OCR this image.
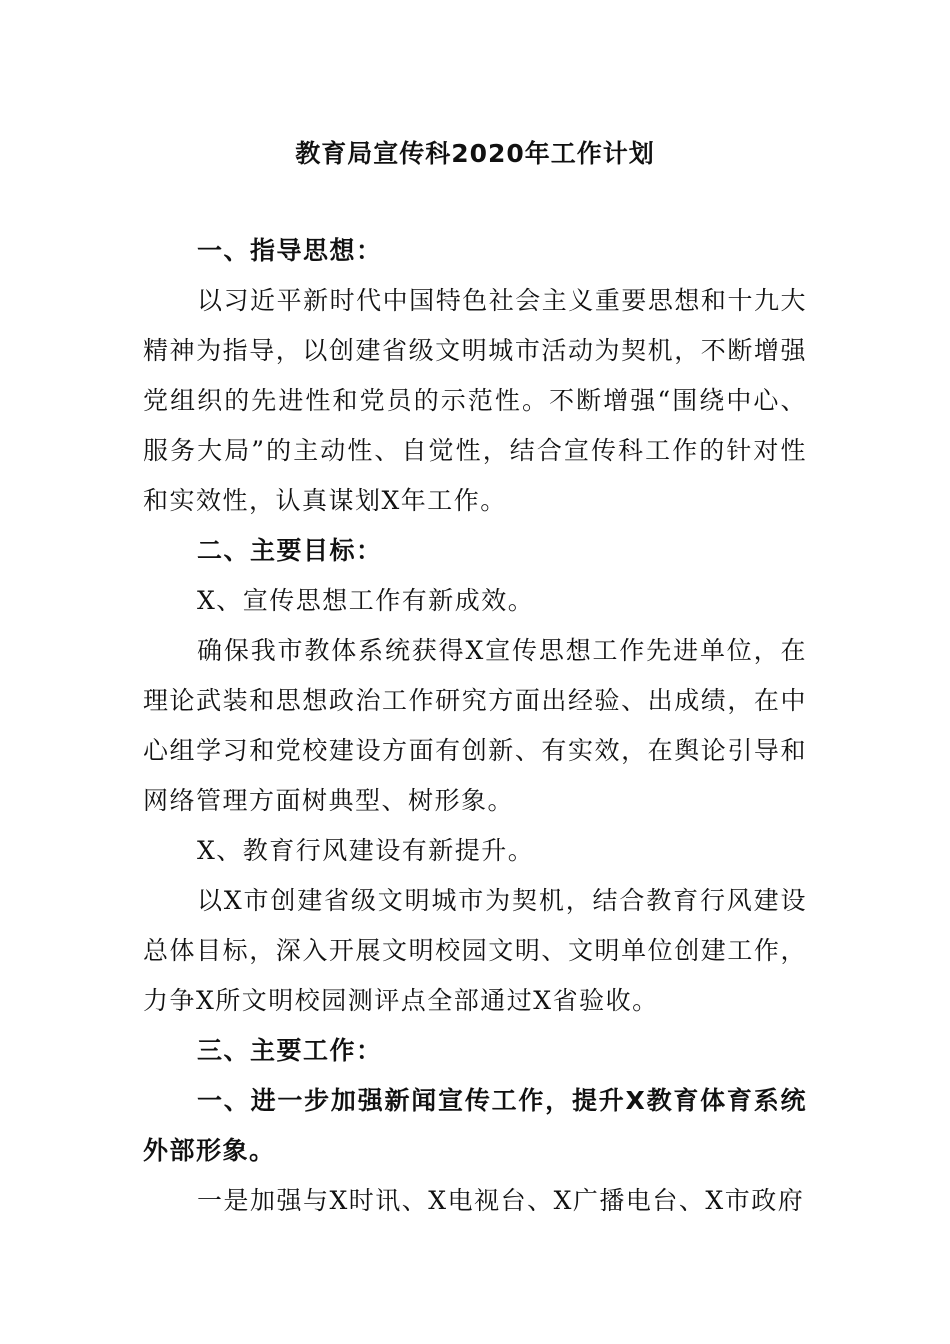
教育局宣传科2020年工作计划

一、指导思想：

以习近平新时代中国特色社会主义重要思想和十九大精神为指导，以创建省级文明城市活动为契机，不断增强党组织的先进性和党员的示范性。不断增强“围绕中心、服务大局”的主动性、自觉性，结合宣传科工作的针对性和实效性，认真谋划X年工作。

二、主要目标：

X、宣传思想工作有新成效。

确保我市教体系统获得X宣传思想工作先进单位，在理论武装和思想政治工作研究方面出经验、出成绩，在中心组学习和党校建设方面有创新、有实效，在舆论引导和网络管理方面树典型、树形象。

X、教育行风建设有新提升。

以X市创建省级文明城市为契机，结合教育行风建设总体目标，深入开展文明校园文明、文明单位创建工作，力争X所文明校园测评点全部通过X省验收。

三、主要工作：

一、进一步加强新闻宣传工作，提升X教育体育系统外部形象。

一是加强与X时讯、X电视台、X广播电台、X市政府
